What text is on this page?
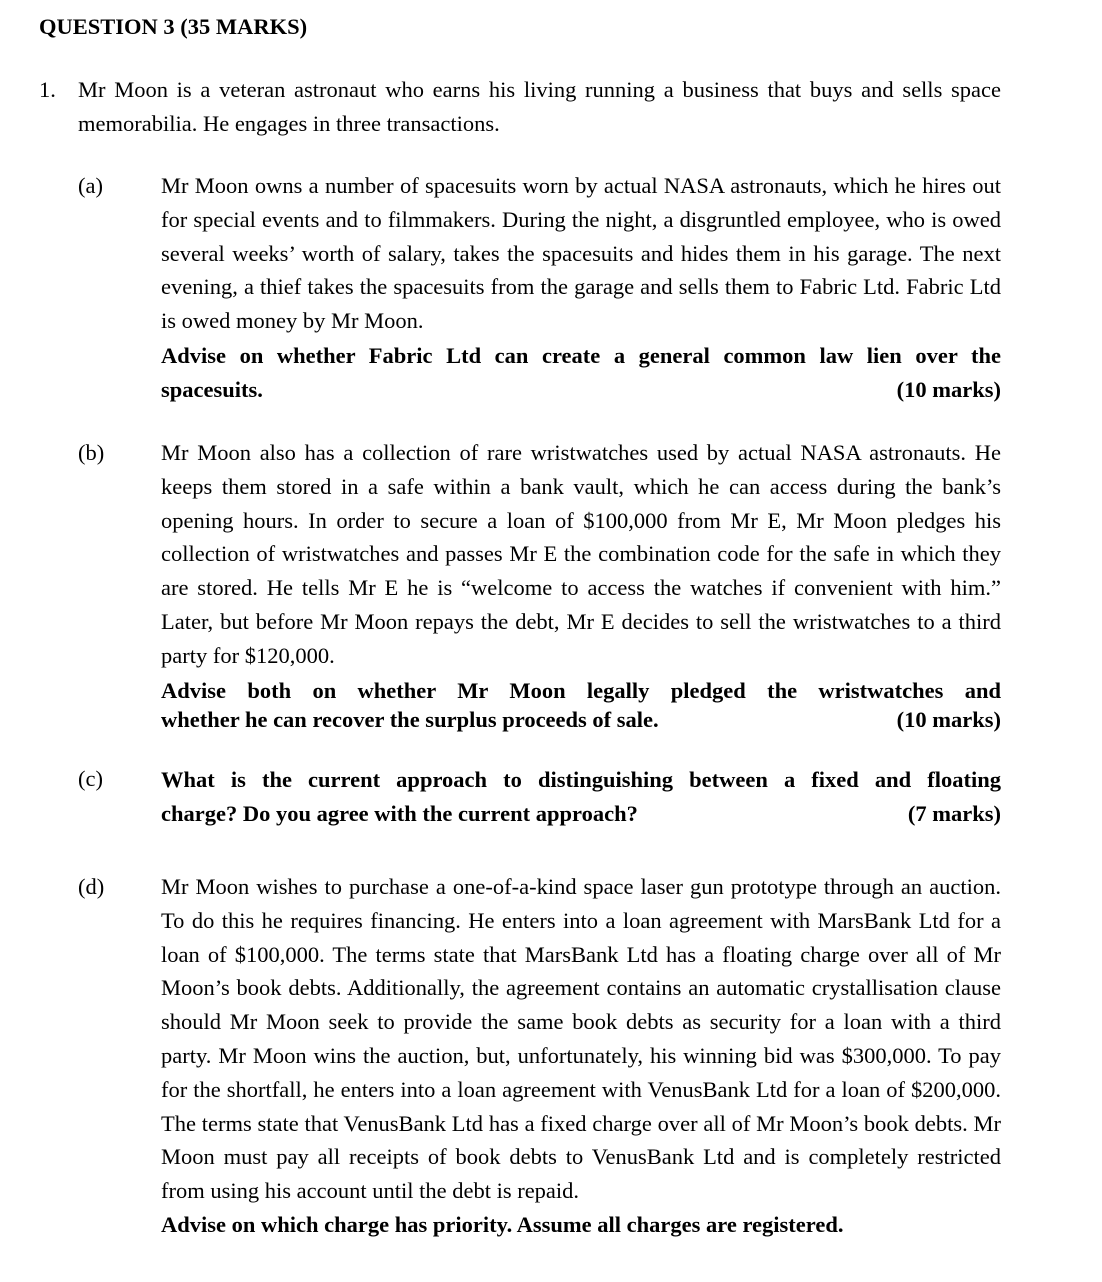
QUESTION 3 (35 MARKS)
1. Mr Moon is a veteran astronaut who earns his living running a business that buys and sells space memorabilia. He engages in three transactions.
(a)	Mr Moon owns a number of spacesuits worn by actual NASA astronauts, which he hires out for special events and to filmmakers. During the night, a disgruntled employee, who is owed several weeks’ worth of salary, takes the spacesuits and hides them in his garage. The next evening, a thief takes the spacesuits from the garage and sells them to Fabric Ltd. Fabric Ltd is owed money by Mr Moon.
Advise on whether Fabric Ltd can create a general common law lien over the
spacesuits.	(10 marks)
(b)	Mr Moon also has a collection of rare wristwatches used by actual NASA astronauts. He keeps them stored in a safe within a bank vault, which he can access during the bank’s opening hours. In order to secure a loan of $100,000 from Mr E, Mr Moon pledges his collection of wristwatches and passes Mr E the combination code for the safe in which they are stored. He tells Mr E he is “welcome to access the watches if convenient with him.” Later, but before Mr Moon repays the debt, Mr E decides to sell the wristwatches to a third party for $120,000.
Advise both on whether Mr Moon legally pledged the wristwatches and
whether he can recover the surplus proceeds of sale.	(10 marks)
(c)	What is the current approach to distinguishing between a fixed and floating
charge? Do you agree with the current approach?	(7 marks)
(d)	Mr Moon wishes to purchase a one-of-a-kind space laser gun prototype through an auction. To do this he requires financing. He enters into a loan agreement with MarsBank Ltd for a loan of $100,000. The terms state that MarsBank Ltd has a floating charge over all of Mr Moon’s book debts. Additionally, the agreement contains an automatic crystallisation clause should Mr Moon seek to provide the same book debts as security for a loan with a third party. Mr Moon wins the auction, but, unfortunately, his winning bid was $300,000. To pay for the shortfall, he enters into a loan agreement with VenusBank Ltd for a loan of $200,000. The terms state that VenusBank Ltd has a fixed charge over all of Mr Moon’s book debts. Mr Moon must pay all receipts of book debts to VenusBank Ltd and is completely restricted from using his account until the debt is repaid.
Advise on which charge has priority. Assume all charges are registered.
